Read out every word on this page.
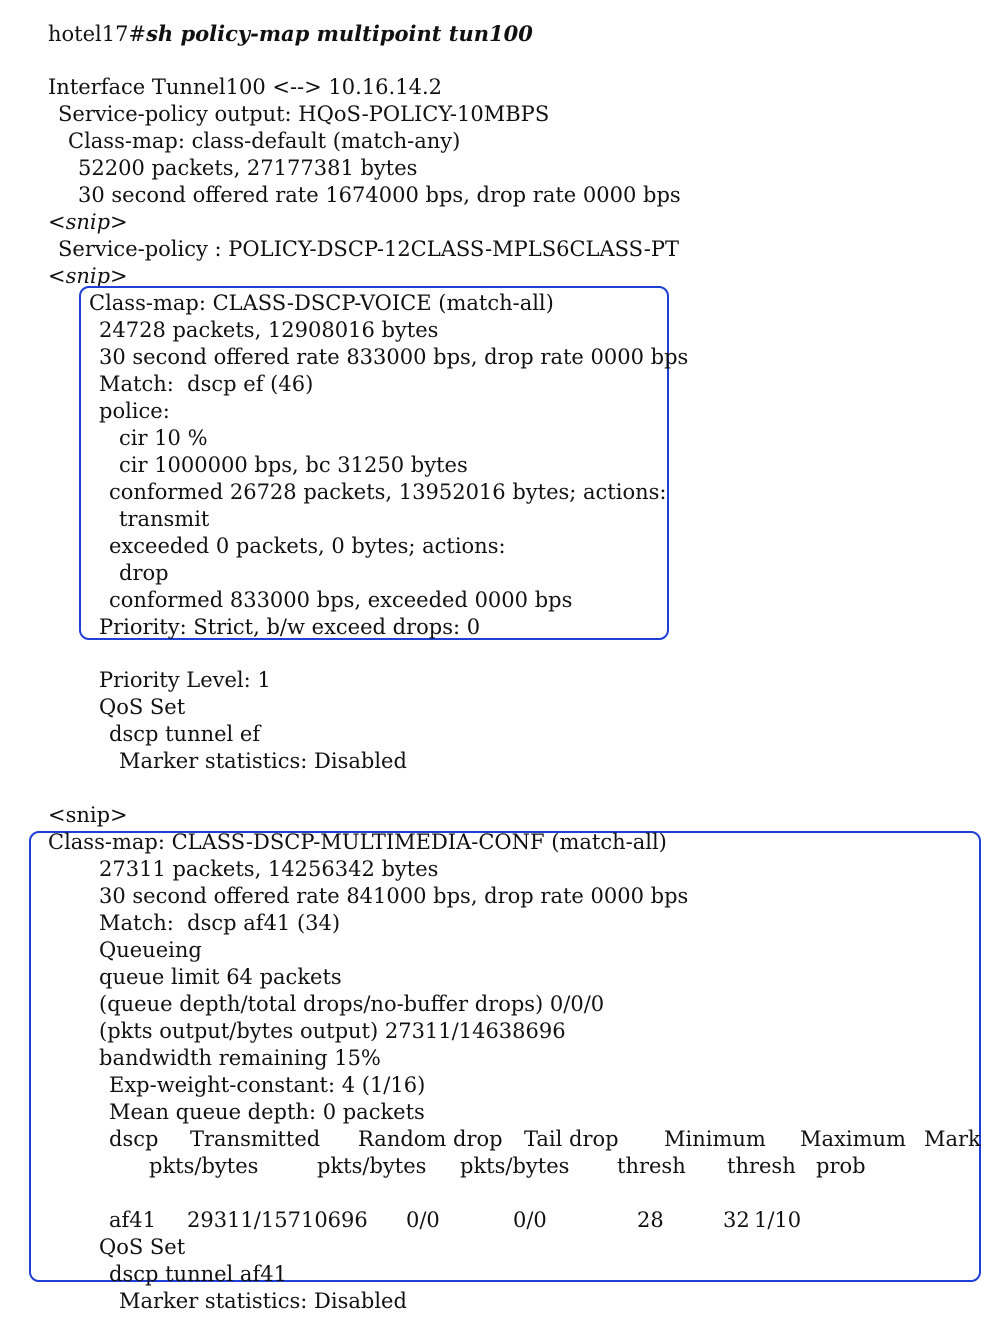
hotel17#sh policy-map multipoint tun100
Interface Tunnel100 <--> 10.16.14.2
Service-policy output: HQoS-POLICY-10MBPS
Class-map: class-default (match-any)
52200 packets, 27177381 bytes
30 second offered rate 1674000 bps, drop rate 0000 bps
<snip>
Service-policy : POLICY-DSCP-12CLASS-MPLS6CLASS-PT
<snip>
Class-map: CLASS-DSCP-VOICE (match-all)
24728 packets, 12908016 bytes
30 second offered rate 833000 bps, drop rate 0000 bps
Match:  dscp ef (46)
police:
cir 10 %
cir 1000000 bps, bc 31250 bytes
conformed 26728 packets, 13952016 bytes; actions:
transmit
exceeded 0 packets, 0 bytes; actions:
drop
conformed 833000 bps, exceeded 0000 bps
Priority: Strict, b/w exceed drops: 0
Priority Level: 1
QoS Set
dscp tunnel ef
Marker statistics: Disabled
<snip>
Class-map: CLASS-DSCP-MULTIMEDIA-CONF (match-all)
27311 packets, 14256342 bytes
30 second offered rate 841000 bps, drop rate 0000 bps
Match:  dscp af41 (34)
Queueing
queue limit 64 packets
(queue depth/total drops/no-buffer drops) 0/0/0
(pkts output/bytes output) 27311/14638696
bandwidth remaining 15%
Exp-weight-constant: 4 (1/16)
Mean queue depth: 0 packets
dscp Transmitted Random drop Tail drop Minimum Maximum Mark
pkts/bytes	pkts/bytes pkts/bytes thresh thresh prob
af41 29311/15710696 0/0	0/0	28	32 1/10
QoS Set
dscp tunnel af41
Marker statistics: Disabled
